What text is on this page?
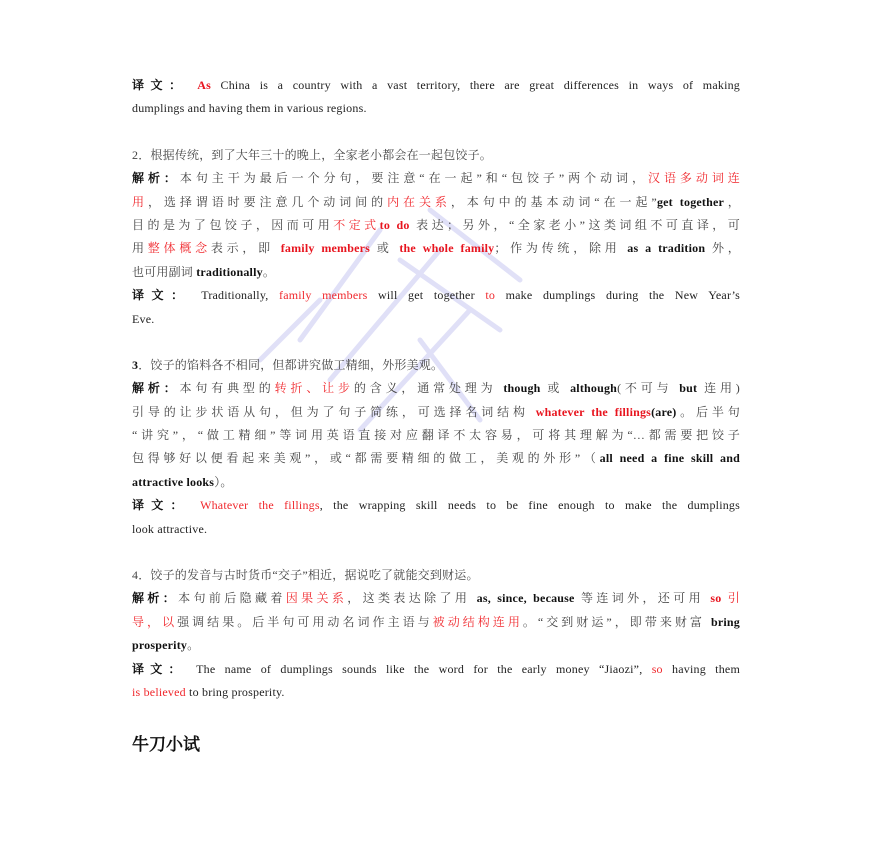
译文： As China is a country with a vast territory, there are great differences in ways of making
dumplings and having them in various regions.
2．根据传统，到了大年三十的晚上，全家老小都会在一起包饺子。
解析：本句主干为最后一个分句，要注意“在一起”和“包饺子”两个动词，汉语多动词连
用，选择谓语时要注意几个动词间的内在关系，本句中的基本动词“在一起”get together，
目的是为了包饺子，因而可用不定式to do 表达；另外，“全家老小”这类词组不可直译，可
用整体概念表示，即 family members 或 the whole family；作为传统，除用 as a tradition 外，
也可用副词 traditionally。
译文： Traditionally, family members will get together to make dumplings during the New Year’s
Eve.
3．饺子的馅料各不相同，但都讲究做工精细，外形美观。
解析：本句有典型的转折、让步的含义，通常处理为 though 或 although(不可与 but 连用)
引导的让步状语从句，但为了句子简练，可选择名词结构 whatever the fillings(are)。后半句
“讲究”，“做工精细”等词用英语直接对应翻译不太容易，可将其理解为“…都需要把饺子
包得够好以便看起来美观”，或“都需要精细的做工，美观的外形”（all need a fine skill and
attractive looks）。
译文： Whatever the fillings, the wrapping skill needs to be fine enough to make the dumplings
look attractive.
4．饺子的发音与古时货币“交子”相近，据说吃了就能交到财运。
解析：本句前后隐藏着因果关系，这类表达除了用 as, since, because 等连词外，还可用 so 引
导，以强调结果。后半句可用动名词作主语与被动结构连用。“交到财运”，即带来财富 bring
prosperity。
译文： The name of dumplings sounds like the word for the early money “Jiaozi”, so having them
is believed to bring prosperity.
牛刀小试
